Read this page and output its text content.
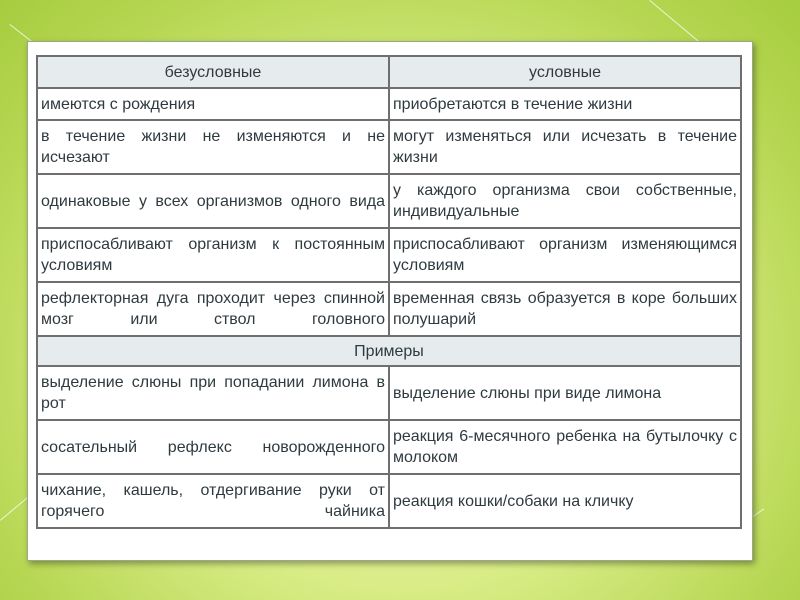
безусловные	условные
имеются с рождения	приобретаются в течение жизни
в течение жизни не изменяются и не исчезают	могут изменяться или исчезать в течение жизни
одинаковые у всех организмов одного вида	у каждого организма свои собственные, индивидуальные
приспосабливают организм к постоянным условиям	приспосабливают организм изменяющимся условиям
рефлекторная дуга проходит через спинной мозг или ствол головного	временная связь образуется в коре больших полушарий
Примеры	
выделение слюны при попадании лимона в рот	выделение слюны при виде лимона
сосательный рефлекс новорожденного	реакция 6-месячного ребенка на бутылочку с молоком
чихание, кашель, отдергивание руки от горячего чайника	реакция кошки/собаки на кличку
